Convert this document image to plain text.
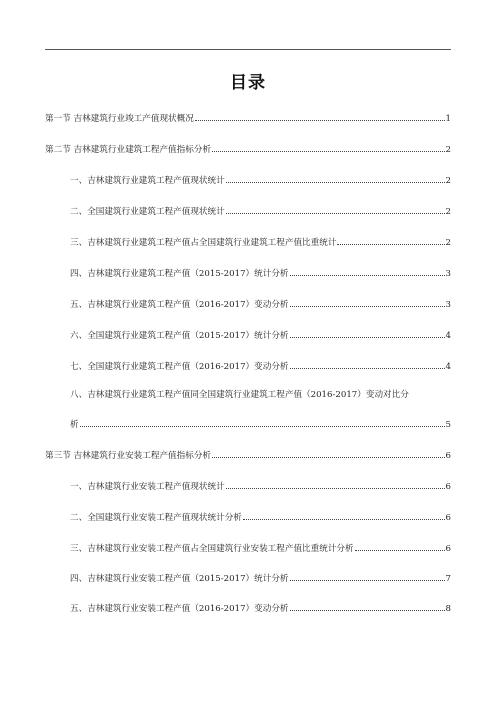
目录
第一节 吉林建筑行业竣工产值现状概况	1
第二节 吉林建筑行业建筑工程产值指标分析	2
一、吉林建筑行业建筑工程产值现状统计	2
二、全国建筑行业建筑工程产值现状统计	2
三、吉林建筑行业建筑工程产值占全国建筑行业建筑工程产值比重统计	2
四、吉林建筑行业建筑工程产值（2015-2017）统计分析	3
五、吉林建筑行业建筑工程产值（2016-2017）变动分析	3
六、全国建筑行业建筑工程产值（2015-2017）统计分析	4
七、全国建筑行业建筑工程产值（2016-2017）变动分析	4
八、吉林建筑行业建筑工程产值同全国建筑行业建筑工程产值（2016-2017）变动对比分
析	5
第三节 吉林建筑行业安装工程产值指标分析	6
一、吉林建筑行业安装工程产值现状统计	6
二、全国建筑行业安装工程产值现状统计分析	6
三、吉林建筑行业安装工程产值占全国建筑行业安装工程产值比重统计分析	6
四、吉林建筑行业安装工程产值（2015-2017）统计分析	7
五、吉林建筑行业安装工程产值（2016-2017）变动分析	8
